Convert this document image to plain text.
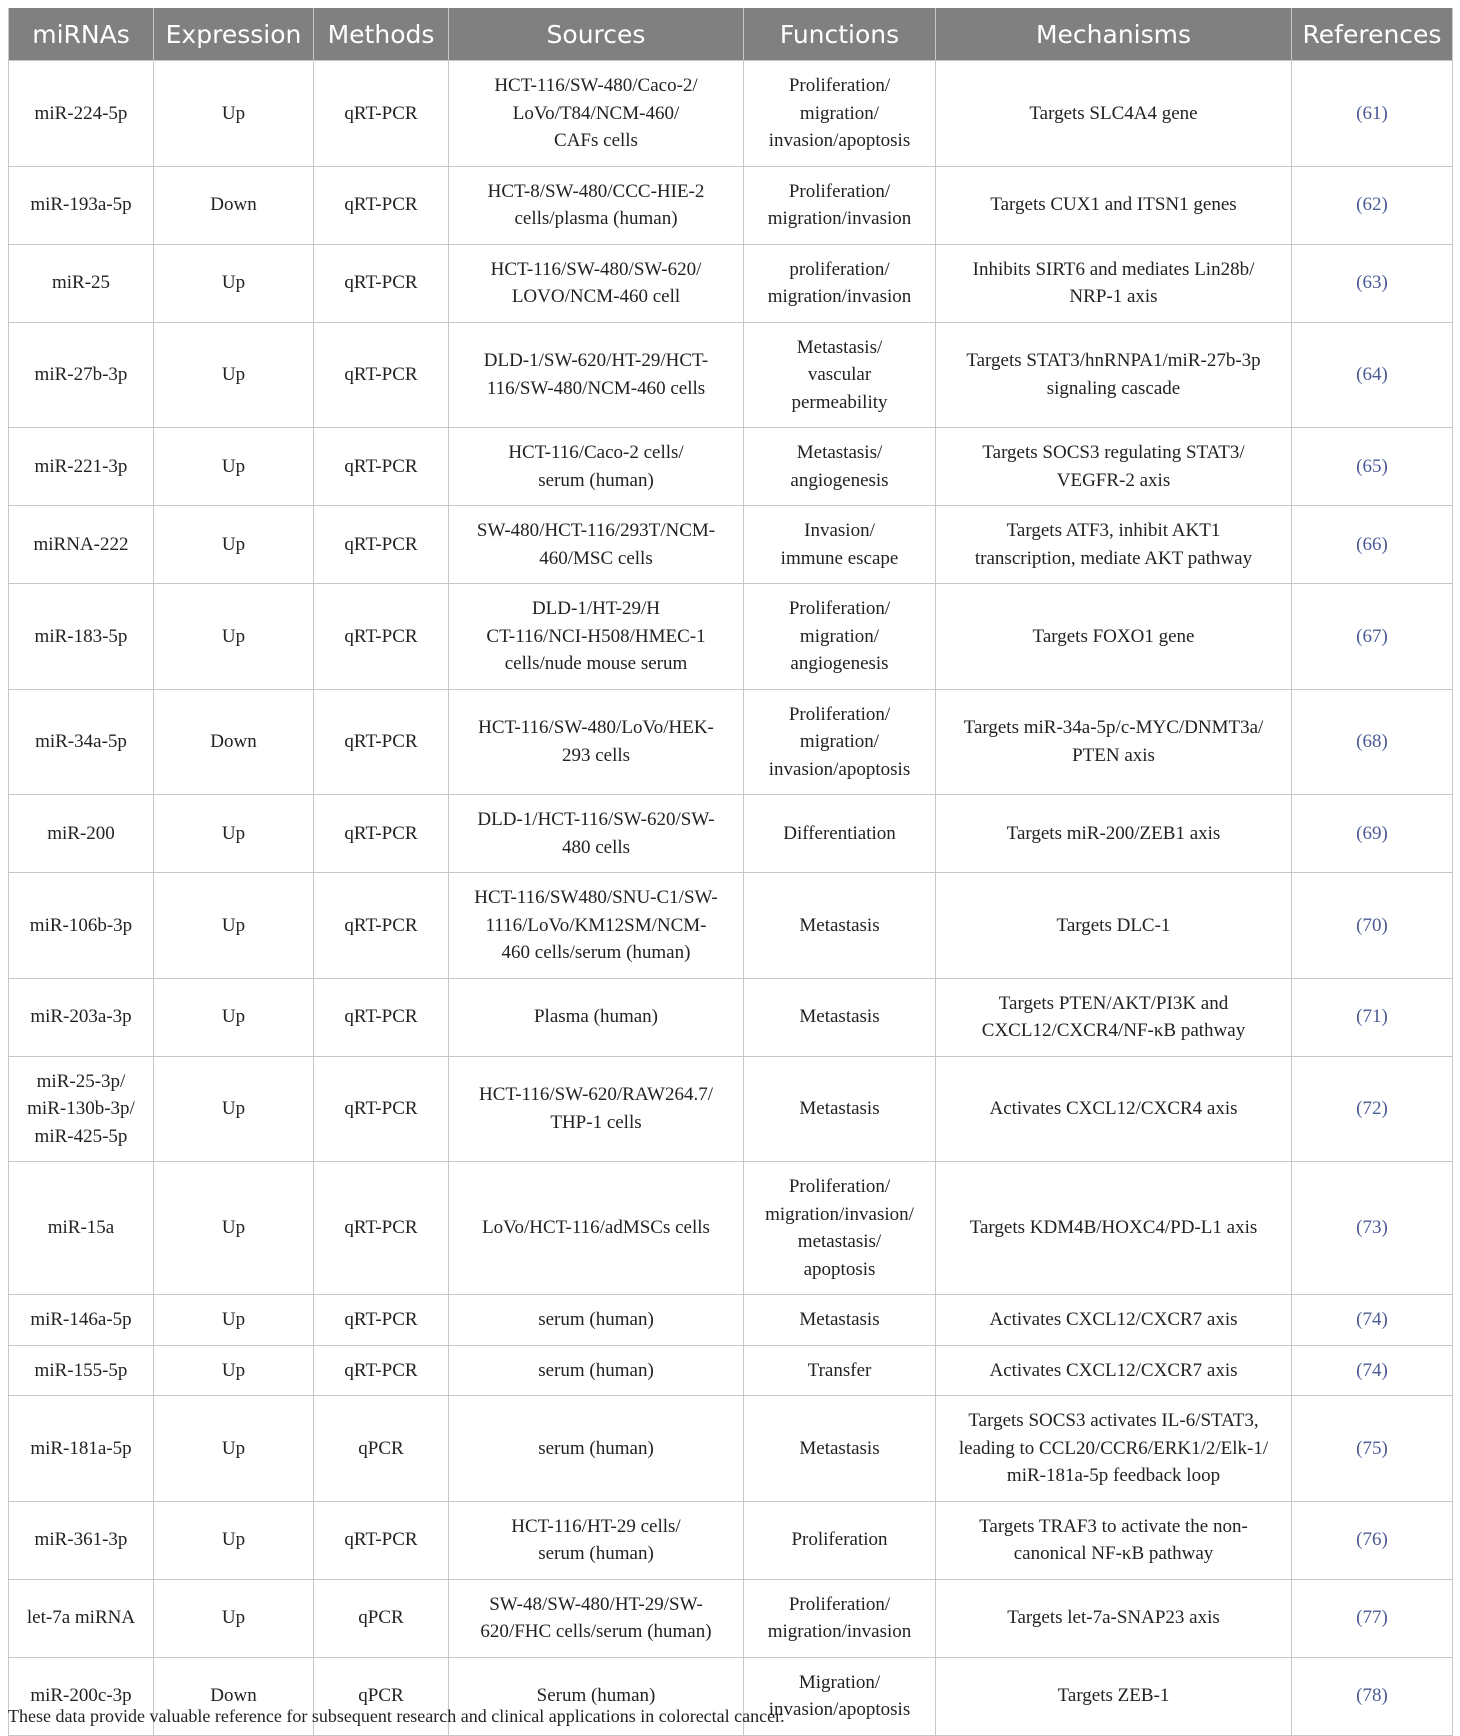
miRNAs	Expression	Methods	Sources	Functions	Mechanisms	References
miR-224-5p	Up	qRT-PCR	HCT-116/SW-480/Caco-2/
LoVo/T84/NCM-460/
CAFs cells	Proliferation/
migration/
invasion/apoptosis	Targets SLC4A4 gene	(61)
miR-193a-5p	Down	qRT-PCR	HCT-8/SW-480/CCC-HIE-2
cells/plasma (human)	Proliferation/
migration/invasion	Targets CUX1 and ITSN1 genes	(62)
miR-25	Up	qRT-PCR	HCT-116/SW-480/SW-620/
LOVO/NCM-460 cell	proliferation/
migration/invasion	Inhibits SIRT6 and mediates Lin28b/
NRP-1 axis	(63)
miR-27b-3p	Up	qRT-PCR	DLD-1/SW-620/HT-29/HCT-
116/SW-480/NCM-460 cells	Metastasis/
vascular
permeability	Targets STAT3/hnRNPA1/miR-27b-3p
signaling cascade	(64)
miR-221-3p	Up	qRT-PCR	HCT-116/Caco-2 cells/
serum (human)	Metastasis/
angiogenesis	Targets SOCS3 regulating STAT3/
VEGFR-2 axis	(65)
miRNA-222	Up	qRT-PCR	SW-480/HCT-116/293T/NCM-
460/MSC cells	Invasion/
immune escape	Targets ATF3, inhibit AKT1
transcription, mediate AKT pathway	(66)
miR-183-5p	Up	qRT-PCR	DLD-1/HT-29/H
CT-116/NCI-H508/HMEC-1
cells/nude mouse serum	Proliferation/
migration/
angiogenesis	Targets FOXO1 gene	(67)
miR-34a-5p	Down	qRT-PCR	HCT-116/SW-480/LoVo/HEK-
293 cells	Proliferation/
migration/
invasion/apoptosis	Targets miR-34a-5p/c-MYC/DNMT3a/
PTEN axis	(68)
miR-200	Up	qRT-PCR	DLD-1/HCT-116/SW-620/SW-
480 cells	Differentiation	Targets miR-200/ZEB1 axis	(69)
miR-106b-3p	Up	qRT-PCR	HCT-116/SW480/SNU-C1/SW-
1116/LoVo/KM12SM/NCM-
460 cells/serum (human)	Metastasis	Targets DLC-1	(70)
miR-203a-3p	Up	qRT-PCR	Plasma (human)	Metastasis	Targets PTEN/AKT/PI3K and
CXCL12/CXCR4/NF-κB pathway	(71)
miR-25-3p/
miR-130b-3p/
miR-425-5p	Up	qRT-PCR	HCT-116/SW-620/RAW264.7/
THP-1 cells	Metastasis	Activates CXCL12/CXCR4 axis	(72)
miR-15a	Up	qRT-PCR	LoVo/HCT-116/adMSCs cells	Proliferation/
migration/invasion/
metastasis/
apoptosis	Targets KDM4B/HOXC4/PD-L1 axis	(73)
miR-146a-5p	Up	qRT-PCR	serum (human)	Metastasis	Activates CXCL12/CXCR7 axis	(74)
miR-155-5p	Up	qRT-PCR	serum (human)	Transfer	Activates CXCL12/CXCR7 axis	(74)
miR-181a-5p	Up	qPCR	serum (human)	Metastasis	Targets SOCS3 activates IL-6/STAT3,
leading to CCL20/CCR6/ERK1/2/Elk-1/
miR-181a-5p feedback loop	(75)
miR-361-3p	Up	qRT-PCR	HCT-116/HT-29 cells/
serum (human)	Proliferation	Targets TRAF3 to activate the non-
canonical NF-κB pathway	(76)
let-7a miRNA	Up	qPCR	SW-48/SW-480/HT-29/SW-
620/FHC cells/serum (human)	Proliferation/
migration/invasion	Targets let-7a-SNAP23 axis	(77)
miR-200c-3p	Down	qPCR	Serum (human)	Migration/
invasion/apoptosis	Targets ZEB-1	(78)
These data provide valuable reference for subsequent research and clinical applications in colorectal cancer.
